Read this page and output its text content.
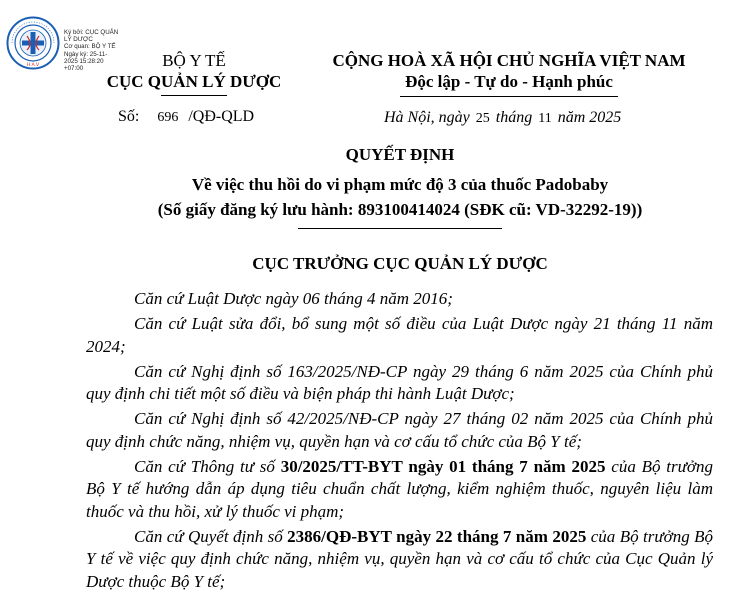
H.A.V
Ký bởi: CỤC QUẢN
LÝ DƯỢC
Cơ quan: BỘ Y TẾ
Ngày ký: 25-11-
2025 15:28:20
+07:00	BỘ Y TẾ
CỤC QUẢN LÝ DƯỢC
CỘNG HOÀ XÃ HỘI CHỦ NGHĨA VIỆT NAM
Độc lập - Tự do - Hạnh phúc
Số: 696 /QĐ-QLD	Hà Nội, ngày 25 tháng 11 năm 2025
QUYẾT ĐỊNH
Về việc thu hồi do vi phạm mức độ 3 của thuốc Padobaby
(Số giấy đăng ký lưu hành: 893100414024 (SĐK cũ: VD-32292-19))
CỤC TRƯỞNG CỤC QUẢN LÝ DƯỢC

Căn cứ Luật Dược ngày 06 tháng 4 năm 2016;

Căn cứ Luật sửa đổi, bổ sung một số điều của Luật Dược ngày 21 tháng 11 năm 2024;

Căn cứ Nghị định số 163/2025/NĐ-CP ngày 29 tháng 6 năm 2025 của Chính phủ quy định chi tiết một số điều và biện pháp thi hành Luật Dược;

Căn cứ Nghị định số 42/2025/NĐ-CP ngày 27 tháng 02 năm 2025 của Chính phủ quy định chức năng, nhiệm vụ, quyền hạn và cơ cấu tổ chức của Bộ Y tế;

Căn cứ Thông tư số 30/2025/TT-BYT ngày 01 tháng 7 năm 2025 của Bộ trưởng Bộ Y tế hướng dẫn áp dụng tiêu chuẩn chất lượng, kiểm nghiệm thuốc, nguyên liệu làm thuốc và thu hồi, xử lý thuốc vi phạm;

Căn cứ Quyết định số 2386/QĐ-BYT ngày 22 tháng 7 năm 2025 của Bộ trưởng Bộ Y tế về việc quy định chức năng, nhiệm vụ, quyền hạn và cơ cấu tổ chức của Cục Quản lý Dược thuộc Bộ Y tế;
